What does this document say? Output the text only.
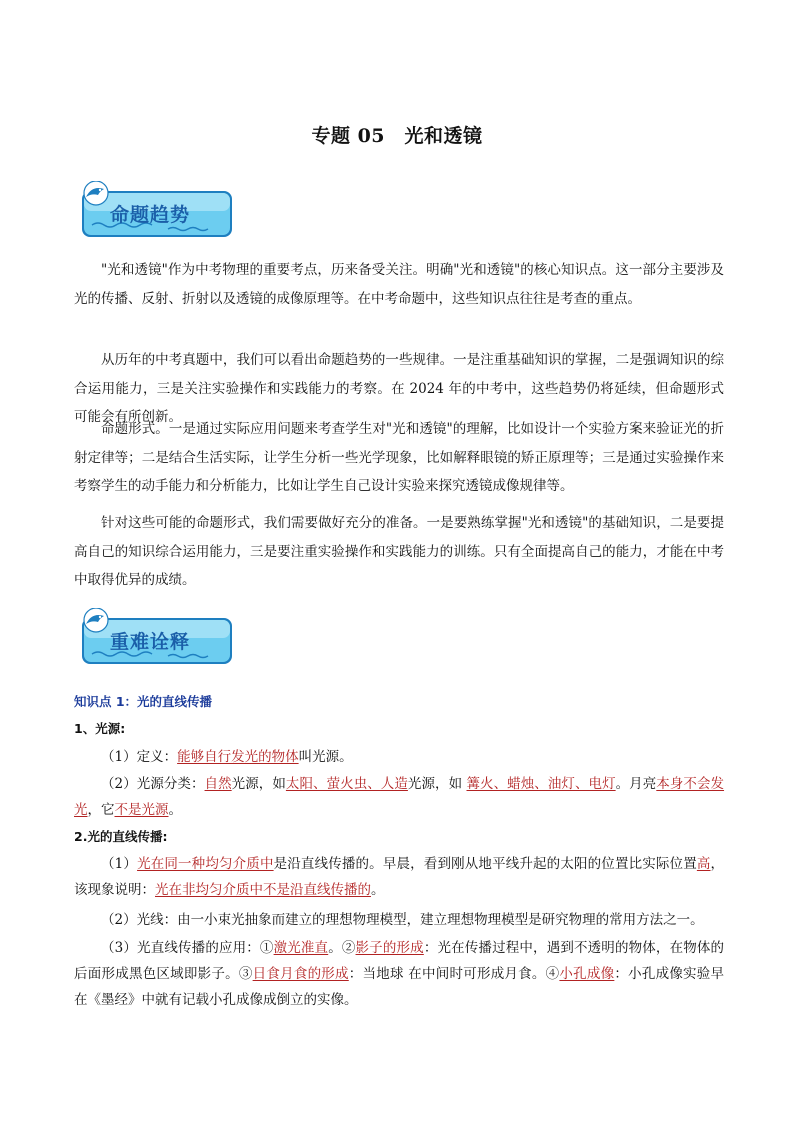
专题 05　光和透镜
命题趋势

"光和透镜"作为中考物理的重要考点，历来备受关注。明确"光和透镜"的核心知识点。这一部分主要涉及光的传播、反射、折射以及透镜的成像原理等。在中考命题中，这些知识点往往是考查的重点。

从历年的中考真题中，我们可以看出命题趋势的一些规律。一是注重基础知识的掌握，二是强调知识的综合运用能力，三是关注实验操作和实践能力的考察。在 2024 年的中考中，这些趋势仍将延续，但命题形式可能会有所创新。

命题形式。一是通过实际应用问题来考查学生对"光和透镜"的理解，比如设计一个实验方案来验证光的折射定律等；二是结合生活实际，让学生分析一些光学现象，比如解释眼镜的矫正原理等；三是通过实验操作来考察学生的动手能力和分析能力，比如让学生自己设计实验来探究透镜成像规律等。

针对这些可能的命题形式，我们需要做好充分的准备。一是要熟练掌握"光和透镜"的基础知识，二是要提高自己的知识综合运用能力，三是要注重实验操作和实践能力的训练。只有全面提高自己的能力，才能在中考中取得优异的成绩。

重难诠释

知识点 1：光的直线传播

1、光源:

（1）定义：能够自行发光的物体叫光源。

（2）光源分类：自然光源，如太阳、萤火虫、人造光源，如 篝火、蜡烛、油灯、电灯。月亮本身不会发光，它不是光源。

2.光的直线传播:

（1）光在同一种均匀介质中是沿直线传播的。早晨，看到刚从地平线升起的太阳的位置比实际位置高，该现象说明：光在非均匀介质中不是沿直线传播的。

（2）光线：由一小束光抽象而建立的理想物理模型，建立理想物理模型是研究物理的常用方法之一。

（3）光直线传播的应用：①激光准直。②影子的形成：光在传播过程中，遇到不透明的物体，在物体的后面形成黑色区域即影子。③日食月食的形成：当地球 在中间时可形成月食。④小孔成像：小孔成像实验早在《墨经》中就有记载小孔成像成倒立的实像。
